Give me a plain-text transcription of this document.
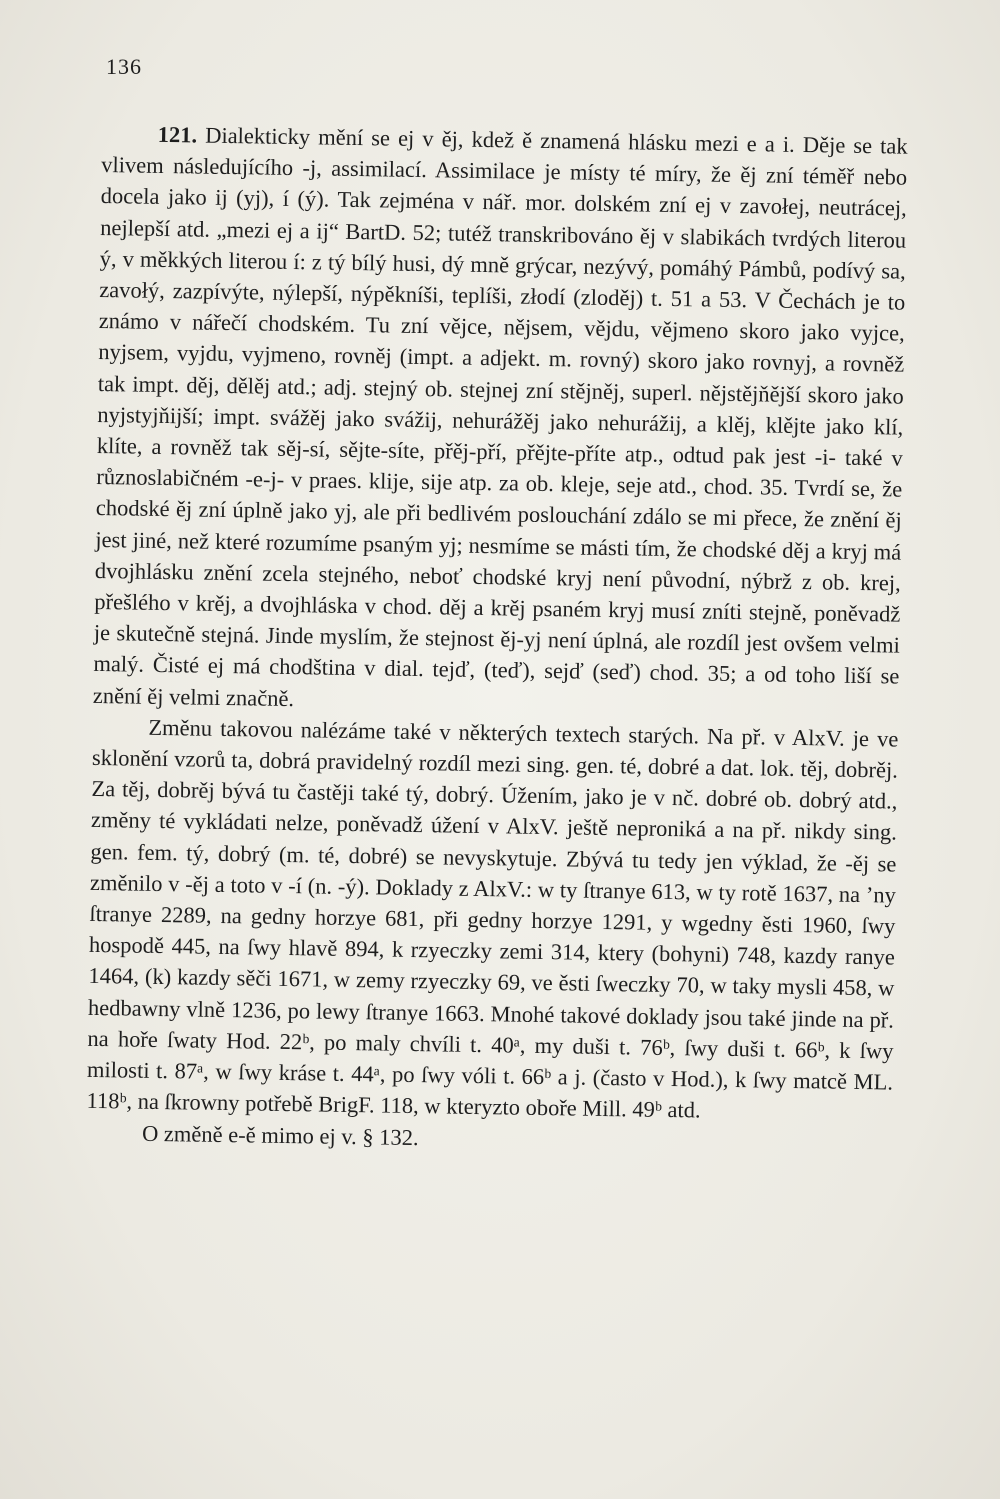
136

121. Dialekticky mění se ej v ěj, kdež ě znamená hlásku mezi e a i. Děje se tak vlivem následujícího -j, assimilací. Assimilace je místy té míry, že ěj zní téměř nebo docela jako ij (yj), í (ý). Tak zejména v nář. mor. dolském zní ej v zavołej, neutrácej, nejlepší atd. „mezi ej a ij“ BartD. 52; tutéž transkribováno ěj v slabikách tvrdých literou ý, v měkkých literou í: z tý bílý husi, dý mně grýcar, nezývý, pomáhý Pámbů, podívý sa, zavołý, zazpívýte, nýlepší, nýpěkníši, teplíši, złodí (zloděj) t. 51 a 53. V Čechách je to známo v nářečí chodském. Tu zní věјce, nějsem, vějdu, vějmeno skoro jako vyjce, nyjsem, vyjdu, vyjmeno, rovněj (impt. a adjekt. m. rovný) skoro jako rovnyj, a rovněž tak impt. děj, dělěj atd.; adj. stejný ob. stejnej zní stějněj, superl. nějstějňější skoro jako nyjstyjňijší; impt. svážěj jako svážij, nehurážěj jako nehurážij, a klěj, klějte jako klí, klíte, a rovněž tak sěj-sí, sějte-síte, přěj-pří, přějte-příte atp., odtud pak jest -i- také v různoslabičném -e-j- v praes. klije, sije atp. za ob. kleje, seje atd., chod. 35. Tvrdí se, že chodské ěj zní úplně jako yj, ale při bedlivém poslouchání zdálo se mi přece, že znění ěj jest jiné, než které rozumíme psaným yj; nesmíme se másti tím, že chodské děj a kryj má dvojhlásku znění zcela stejného, neboť chodské kryj není původní, nýbrž z ob. krej, přešlého v krěj, a dvojhláska v chod. děj a krěj psaném kryj musí zníti stejně, poněvadž je skutečně stejná. Jinde myslím, že stejnost ěj-yj není úplná, ale rozdíl jest ovšem velmi malý. Čisté ej má chodština v dial. tejď, (teď), sejď (seď) chod. 35; a od toho liší se znění ěj velmi značně.

Změnu takovou nalézáme také v některých textech starých. Na př. v AlxV. je ve sklonění vzorů ta, dobrá pravidelný rozdíl mezi sing. gen. té, dobré a dat. lok. těj, dobrěj. Za těj, dobrěj bývá tu častěji také tý, dobrý. Úžením, jako je v nč. dobré ob. dobrý atd., změny té vykládati nelze, poněvadž úžení v AlxV. ještě neproniká a na př. nikdy sing. gen. fem. tý, dobrý (m. té, dobré) se nevyskytuje. Zbývá tu tedy jen výklad, že -ěj se změnilo v -ěj a toto v -í (n. -ý). Doklady z AlxV.: w ty ſtranye 613, w ty rotě 1637, na ’ny ſtranye 2289, na gedny horzye 681, při gedny horzye 1291, y wgedny ěsti 1960, ſwy hospodě 445, na ſwy hlavě 894, k rzyeczky zemi 314, ktery (bohyni) 748, kazdy ranye 1464, (k) kazdy sěči 1671, w zemy rzyeczky 69, ve ěsti ſweczky 70, w taky mysli 458, w hedbawny vlně 1236, po lewy ſtranye 1663. Mnohé takové doklady jsou také jinde na př. na hoře ſwaty Hod. 22ᵇ, po maly chvíli t. 40ᵃ, my duši t. 76ᵇ, ſwy duši t. 66ᵇ, k ſwy milosti t. 87ᵃ, w ſwy kráse t. 44ᵃ, po ſwy vóli t. 66ᵇ a j. (často v Hod.), k ſwy matcě ML. 118ᵇ, na ſkrowny potřebě BrigF. 118, w kteryzto oboře Mill. 49ᵇ atd.

O změně e-ě mimo ej v. § 132.
